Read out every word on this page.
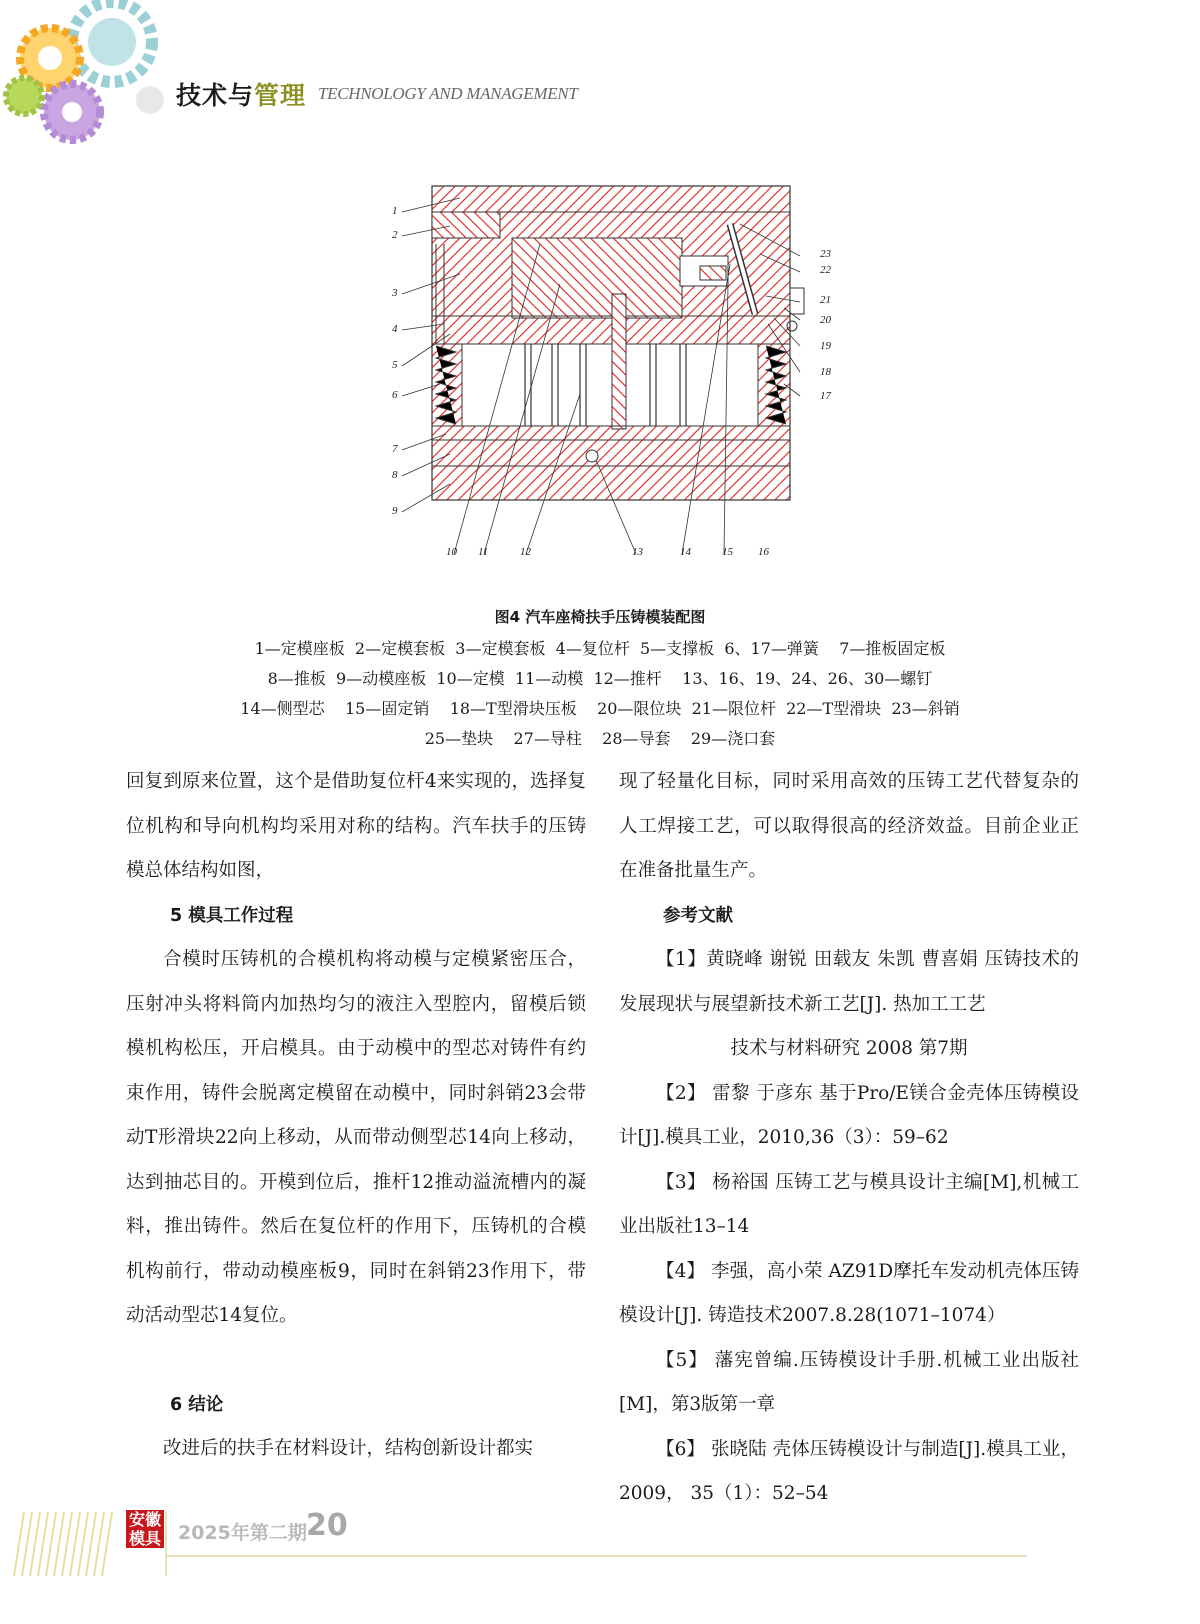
技术与管理 TECHNOLOGY AND MANAGEMENT
1
2
3
4
5
6
7
8
9
23
22
21
20
19
18
17
10 11	12	13	14	15 16
图4 汽车座椅扶手压铸模装配图
1—定模座板  2—定模套板  3—定模套板  4—复位杆  5—支撑板  6、17—弹簧    7—推板固定板
8—推板  9—动模座板  10—定模  11—动模  12—推杆    13、16、19、24、26、30—螺钉
14—侧型芯    15—固定销    18—T型滑块压板    20—限位块  21—限位杆  22—T型滑块  23—斜销
25—垫块    27—导柱    28—导套    29—浇口套

回复到原来位置，这个是借助复位杆4来实现的，选择复位机构和导向机构均采用对称的结构。汽车扶手的压铸模总体结构如图，

5 模具工作过程

合模时压铸机的合模机构将动模与定模紧密压合，压射冲头将料筒内加热均匀的液注入型腔内，留模后锁模机构松压，开启模具。由于动模中的型芯对铸件有约束作用，铸件会脱离定模留在动模中，同时斜销23会带动T形滑块22向上移动，从而带动侧型芯14向上移动，达到抽芯目的。开模到位后，推杆12推动溢流槽内的凝料，推出铸件。然后在复位杆的作用下，压铸机的合模机构前行，带动动模座板9，同时在斜销23作用下，带动活动型芯14复位。

6 结论

改进后的扶手在材料设计，结构创新设计都实

现了轻量化目标，同时采用高效的压铸工艺代替复杂的人工焊接工艺，可以取得很高的经济效益。目前企业正在准备批量生产。

参考文献

【1】黄晓峰 谢锐 田载友 朱凯 曹喜娟 压铸技术的发展现状与展望新技术新工艺[J]. 热加工工艺

技术与材料研究 2008 第7期

【2】 雷黎 于彦东 基于Pro/E镁合金壳体压铸模设计[J].模具工业，2010,36（3）：59–62

【3】 杨裕国 压铸工艺与模具设计主编[M],机械工业出版社13–14

【4】 李强，高小荣 AZ91D摩托车发动机壳体压铸模设计[J]. 铸造技术2007.8.28(1071–1074）

【5】 藩宪曾编.压铸模设计手册.机械工业出版社[M]，第3版第一章

【6】 张晓陆 壳体压铸模设计与制造[J].模具工业，2009， 35（1）：52–54

安徽
模具 2025年第二期 20
